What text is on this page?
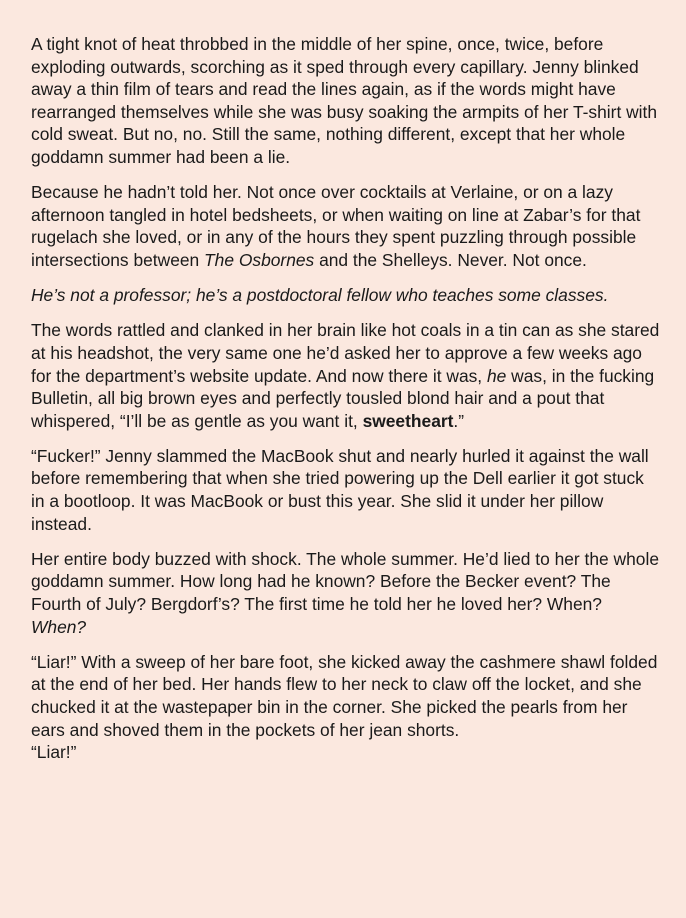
A tight knot of heat throbbed in the middle of her spine, once, twice, before exploding outwards, scorching as it sped through every capillary. Jenny blinked away a thin film of tears and read the lines again, as if the words might have rearranged themselves while she was busy soaking the armpits of her T-shirt with cold sweat. But no, no. Still the same, nothing different, except that her whole goddamn summer had been a lie.

Because he hadn’t told her. Not once over cocktails at Verlaine, or on a lazy afternoon tangled in hotel bedsheets, or when waiting on line at Zabar’s for that rugelach she loved, or in any of the hours they spent puzzling through possible intersections between The Osbornes and the Shelleys. Never. Not once.

He’s not a professor; he’s a postdoctoral fellow who teaches some classes.

The words rattled and clanked in her brain like hot coals in a tin can as she stared at his headshot, the very same one he’d asked her to approve a few weeks ago for the department’s website update. And now there it was, he was, in the fucking Bulletin, all big brown eyes and perfectly tousled blond hair and a pout that whispered, “I’ll be as gentle as you want it, sweetheart.”

“Fucker!” Jenny slammed the MacBook shut and nearly hurled it against the wall before remembering that when she tried powering up the Dell earlier it got stuck in a bootloop. It was MacBook or bust this year. She slid it under her pillow instead.

Her entire body buzzed with shock. The whole summer. He’d lied to her the whole goddamn summer. How long had he known? Before the Becker event? The Fourth of July? Bergdorf’s? The first time he told her he loved her? When? When?

“Liar!” With a sweep of her bare foot, she kicked away the cashmere shawl folded at the end of her bed. Her hands flew to her neck to claw off the locket, and she chucked it at the wastepaper bin in the corner. She picked the pearls from her ears and shoved them in the pockets of her jean shorts.

“Liar!”
